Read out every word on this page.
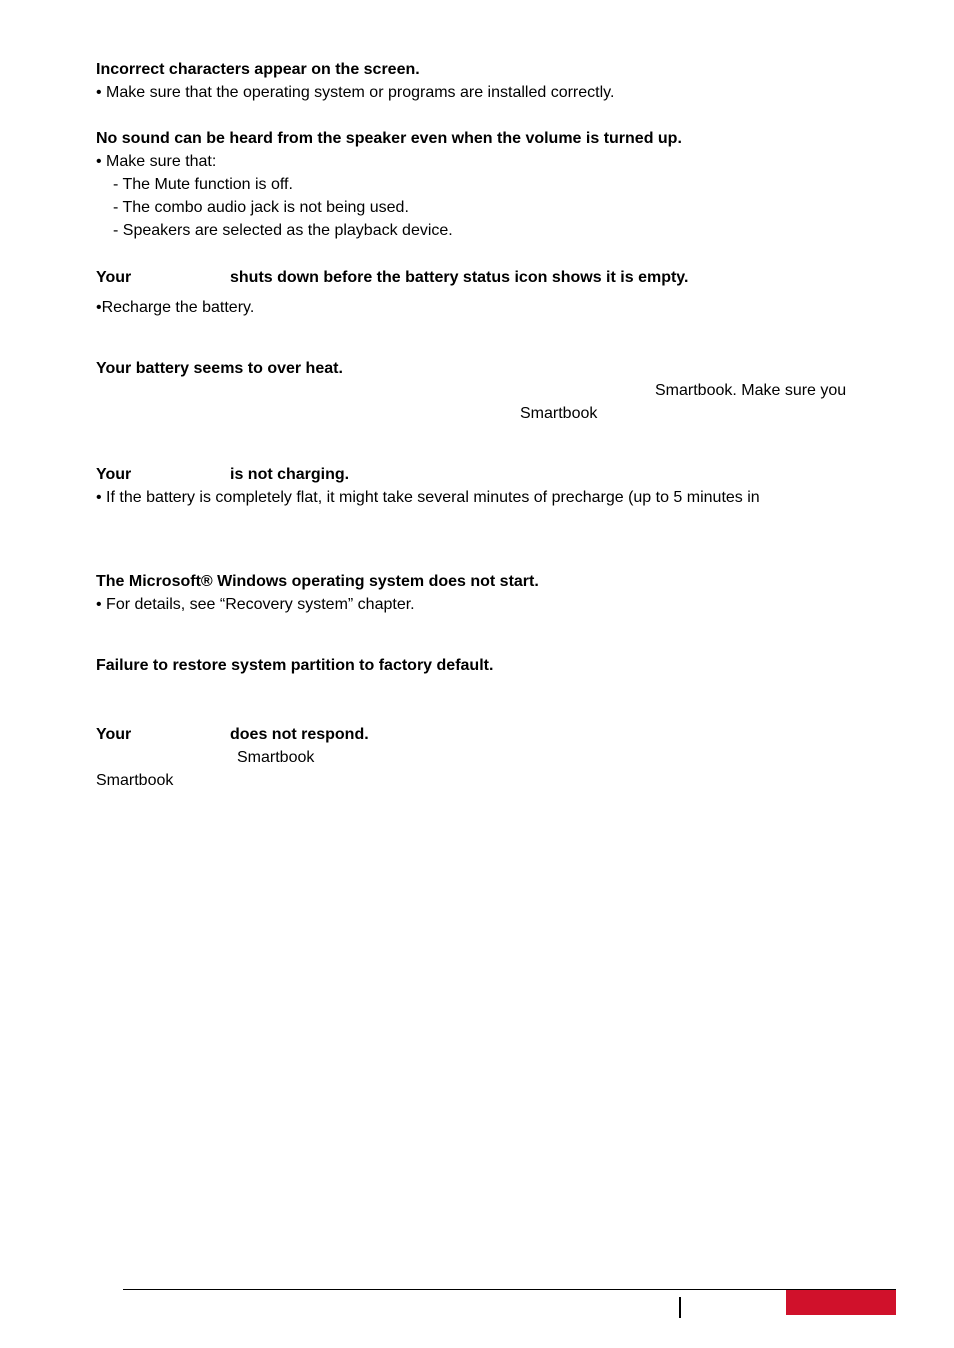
Incorrect characters appear on the screen.
• Make sure that the operating system or programs are installed correctly.
No sound can be heard from the speaker even when the volume is turned up.
• Make sure that:
- The Mute function is off.
- The combo audio jack is not being used.
- Speakers are selected as the playback device.
Your	shuts down before the battery status icon shows it is empty.
•Recharge the battery.
Your battery seems to over heat.
Smartbook. Make sure you
Smartbook
Your	is not charging.
• If the battery is completely flat, it might take several minutes of precharge (up to 5 minutes in
The Microsoft® Windows operating system does not start.
• For details, see “Recovery system” chapter.
Failure to restore system partition to factory default.
Your	does not respond.
Smartbook
Smartbook
